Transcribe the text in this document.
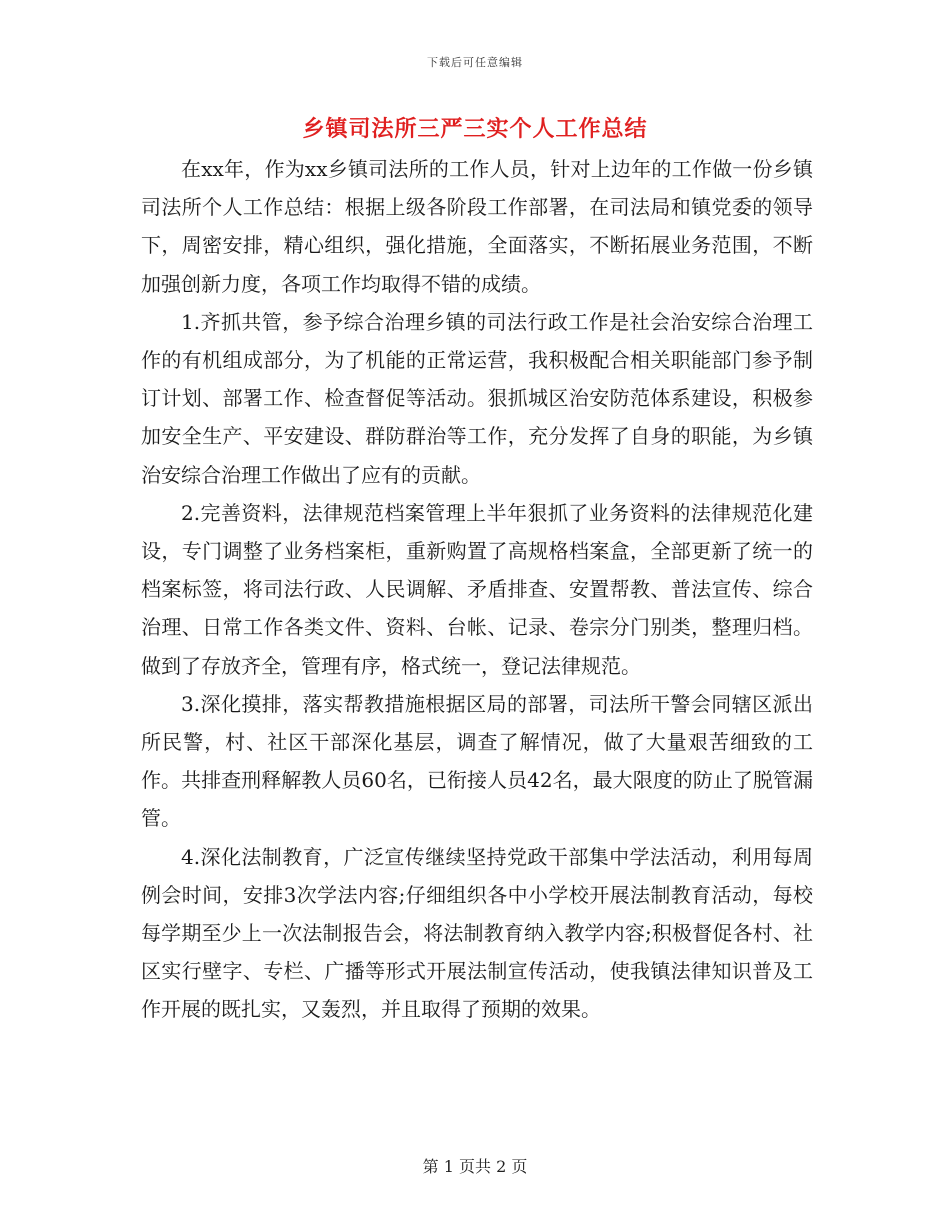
下载后可任意编辑
乡镇司法所三严三实个人工作总结

在xx年，作为xx乡镇司法所的工作人员，针对上边年的工作做一份乡镇司法所个人工作总结：根据上级各阶段工作部署，在司法局和镇党委的领导下，周密安排，精心组织，强化措施，全面落实，不断拓展业务范围，不断加强创新力度，各项工作均取得不错的成绩。

1.齐抓共管，参予综合治理乡镇的司法行政工作是社会治安综合治理工作的有机组成部分，为了机能的正常运营，我积极配合相关职能部门参予制订计划、部署工作、检查督促等活动。狠抓城区治安防范体系建设，积极参加安全生产、平安建设、群防群治等工作，充分发挥了自身的职能，为乡镇治安综合治理工作做出了应有的贡献。

2.完善资料，法律规范档案管理上半年狠抓了业务资料的法律规范化建设，专门调整了业务档案柜，重新购置了高规格档案盒，全部更新了统一的档案标签，将司法行政、人民调解、矛盾排查、安置帮教、普法宣传、综合治理、日常工作各类文件、资料、台帐、记录、卷宗分门别类，整理归档。做到了存放齐全，管理有序，格式统一，登记法律规范。

3.深化摸排，落实帮教措施根据区局的部署，司法所干警会同辖区派出所民警，村、社区干部深化基层，调查了解情况，做了大量艰苦细致的工作。共排查刑释解教人员60名，已衔接人员42名，最大限度的防止了脱管漏管。

4.深化法制教育，广泛宣传继续坚持党政干部集中学法活动，利用每周例会时间，安排3次学法内容;仔细组织各中小学校开展法制教育活动，每校每学期至少上一次法制报告会，将法制教育纳入教学内容;积极督促各村、社区实行壁字、专栏、广播等形式开展法制宣传活动，使我镇法律知识普及工作开展的既扎实，又轰烈，并且取得了预期的效果。

第 1 页共 2 页
